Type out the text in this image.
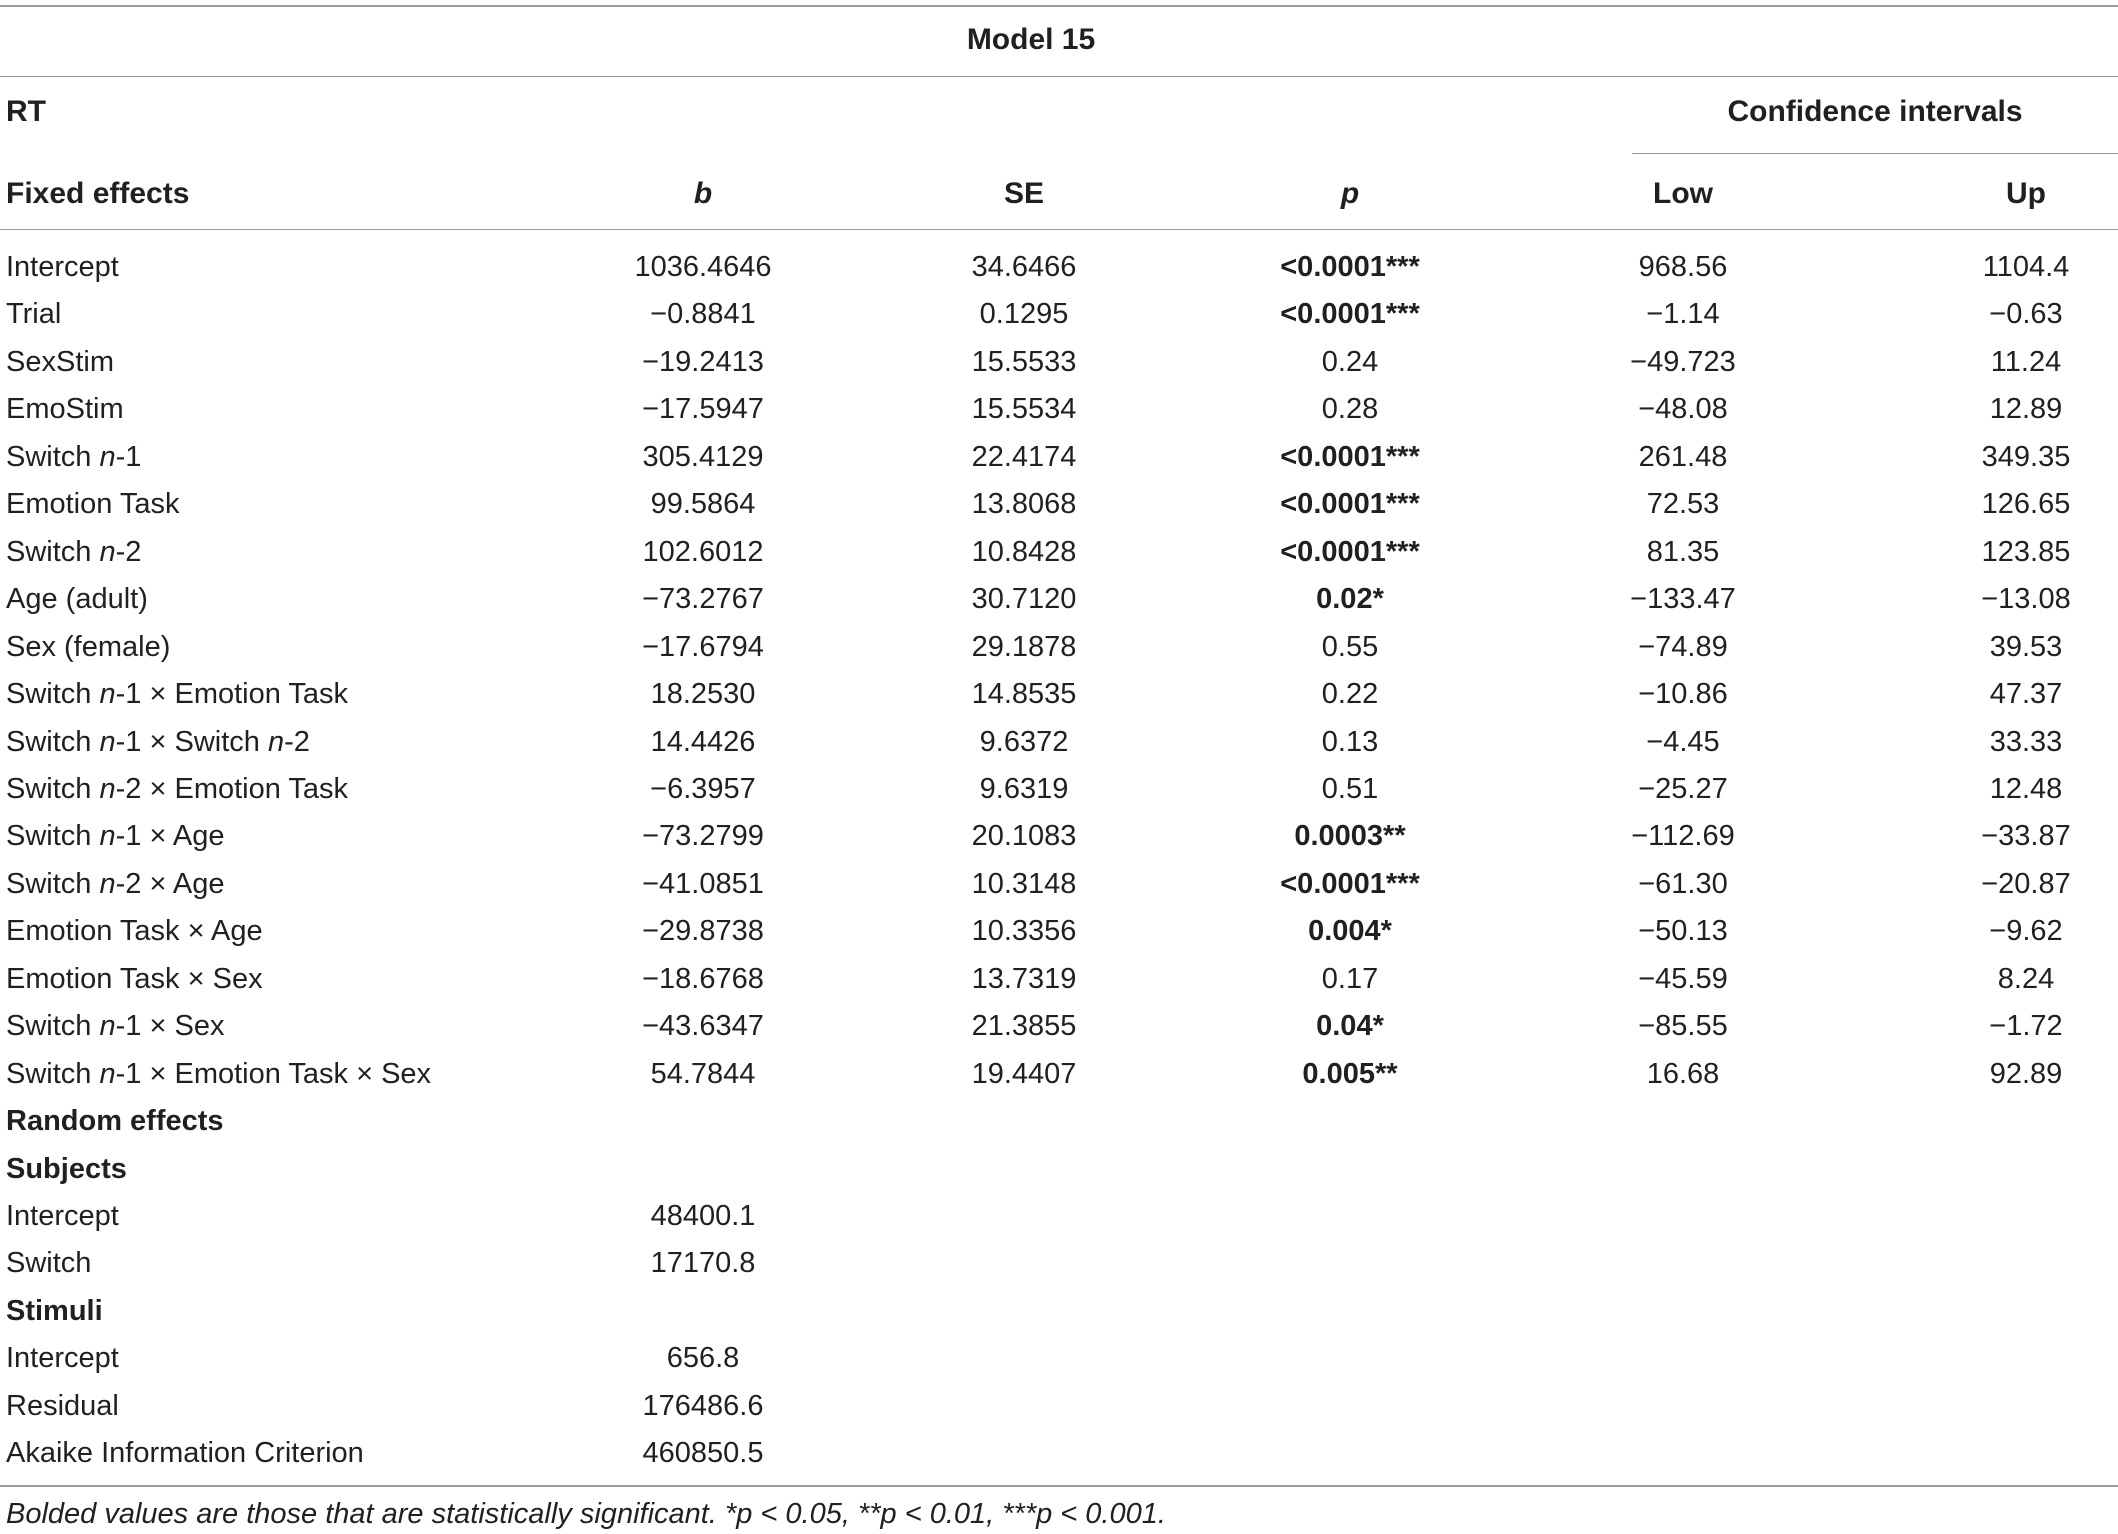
Model 15
RT	Confidence intervals
Fixed effects	b	SE	p	Low	Up
Intercept	1036.4646	34.6466	<0.0001***	968.56	1104.4
Trial	−0.8841	0.1295	<0.0001***	−1.14	−0.63
SexStim	−19.2413	15.5533	0.24	−49.723	11.24
EmoStim	−17.5947	15.5534	0.28	−48.08	12.89
Switch n-1	305.4129	22.4174	<0.0001***	261.48	349.35
Emotion Task	99.5864	13.8068	<0.0001***	72.53	126.65
Switch n-2	102.6012	10.8428	<0.0001***	81.35	123.85
Age (adult)	−73.2767	30.7120	0.02*	−133.47	−13.08
Sex (female)	−17.6794	29.1878	0.55	−74.89	39.53
Switch n-1 × Emotion Task	18.2530	14.8535	0.22	−10.86	47.37
Switch n-1 × Switch n-2	14.4426	9.6372	0.13	−4.45	33.33
Switch n-2 × Emotion Task	−6.3957	9.6319	0.51	−25.27	12.48
Switch n-1 × Age	−73.2799	20.1083	0.0003**	−112.69	−33.87
Switch n-2 × Age	−41.0851	10.3148	<0.0001***	−61.30	−20.87
Emotion Task × Age	−29.8738	10.3356	0.004*	−50.13	−9.62
Emotion Task × Sex	−18.6768	13.7319	0.17	−45.59	8.24
Switch n-1 × Sex	−43.6347	21.3855	0.04*	−85.55	−1.72
Switch n-1 × Emotion Task × Sex	54.7844	19.4407	0.005**	16.68	92.89
Random effects
Subjects
Intercept	48400.1
Switch	17170.8
Stimuli
Intercept	656.8
Residual	176486.6
Akaike Information Criterion	460850.5
Bolded values are those that are statistically significant. *p < 0.05, **p < 0.01, ***p < 0.001.
